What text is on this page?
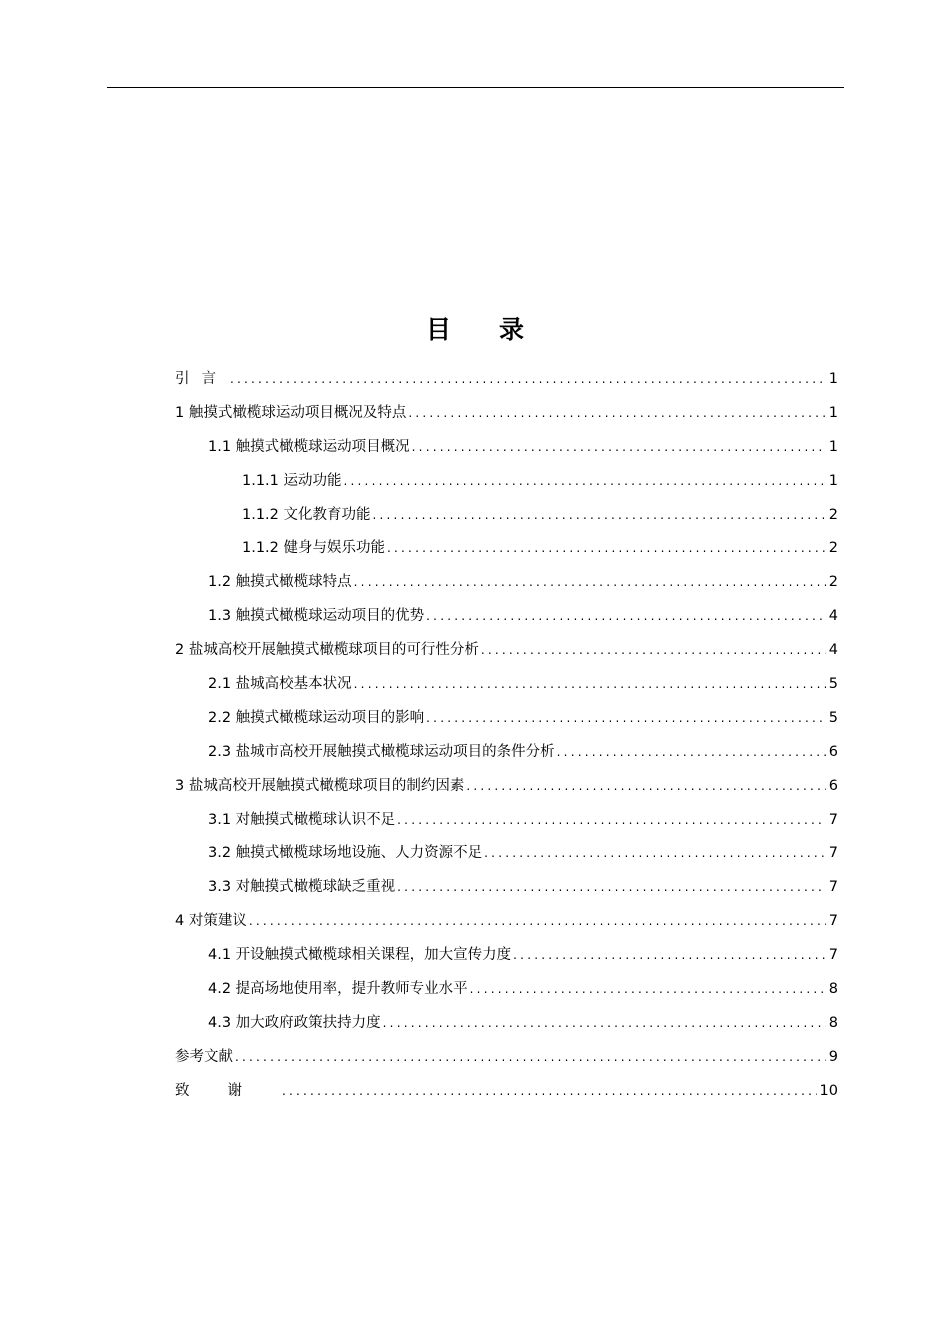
目 录
引言 .....	1
1 触摸式橄榄球运动项目概况及特点 .....	1
1.1 触摸式橄榄球运动项目概况 .....	1
1.1.1 运动功能 .....	1
1.1.2 文化教育功能 .....	2
1.1.2 健身与娱乐功能 .....	2
1.2 触摸式橄榄球特点 .....	2
1.3 触摸式橄榄球运动项目的优势 .....	4
2 盐城高校开展触摸式橄榄球项目的可行性分析 .....	4
2.1 盐城高校基本状况 .....	5
2.2 触摸式橄榄球运动项目的影响 .....	5
2.3 盐城市高校开展触摸式橄榄球运动项目的条件分析 .....	6
3 盐城高校开展触摸式橄榄球项目的制约因素 .....	6
3.1 对触摸式橄榄球认识不足 .....	7
3.2 触摸式橄榄球场地设施、人力资源不足 .....	7
3.3 对触摸式橄榄球缺乏重视 .....	7
4 对策建议 .....	7
4.1 开设触摸式橄榄球相关课程，加大宣传力度 .....	7
4.2 提高场地使用率，提升教师专业水平 .....	8
4.3 加大政府政策扶持力度 .....	8
参考文献 .....	9
致谢 .....	10
